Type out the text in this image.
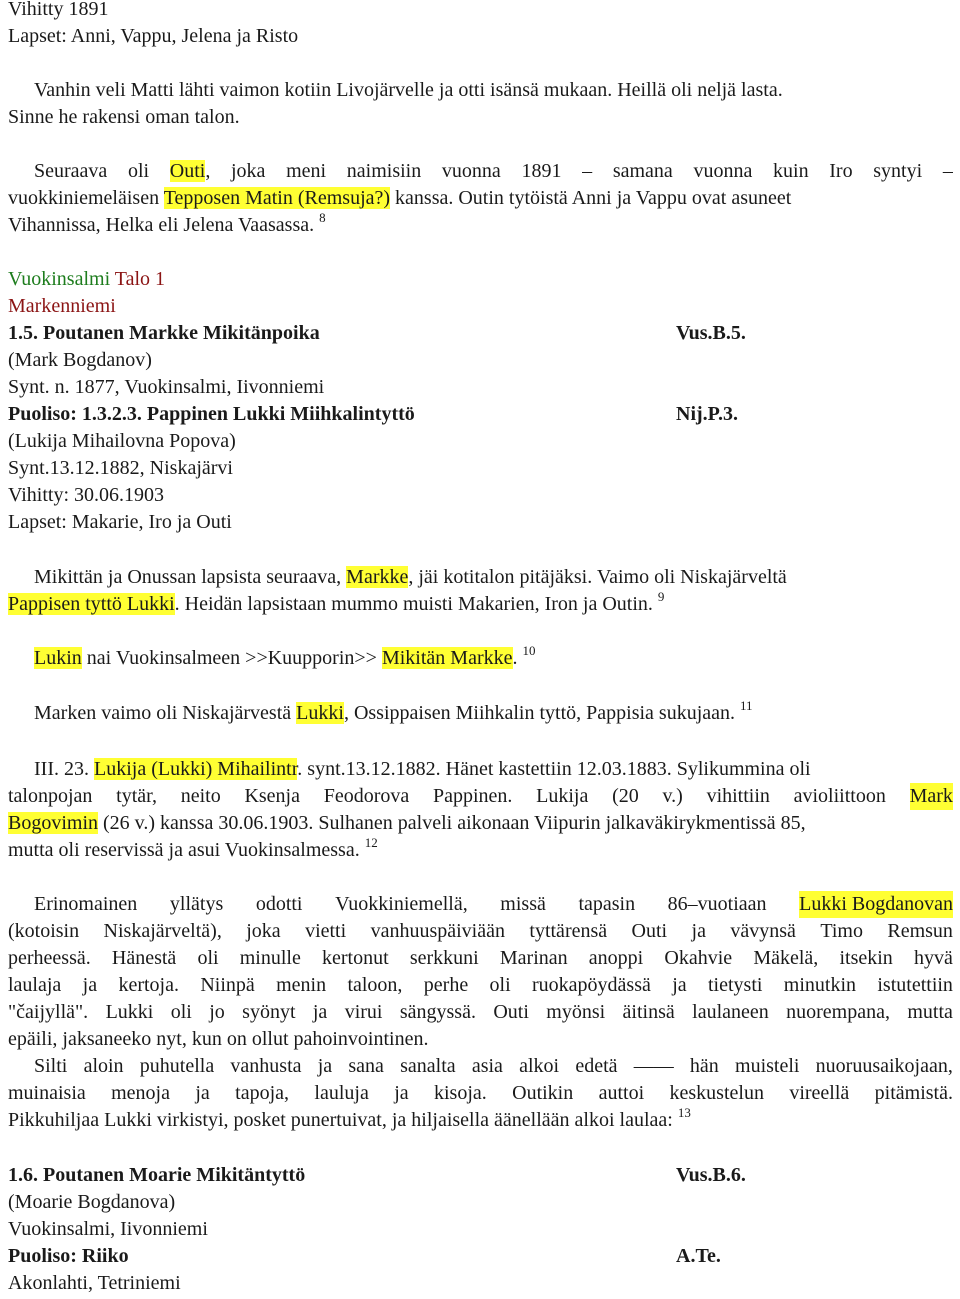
Vihitty 1891
Lapset: Anni, Vappu, Jelena ja Risto
Vanhin veli Matti lähti vaimon kotiin Livojärvelle ja otti isänsä mukaan. Heillä oli neljä lasta.
Sinne he rakensi oman talon.
Seuraava oli Outi, joka meni naimisiin vuonna 1891 – samana vuonna kuin Iro syntyi –
vuokkiniemeläisen Tepposen Matin (Remsuja?) kanssa. Outin tytöistä Anni ja Vappu ovat asuneet
Vihannissa, Helka eli Jelena Vaasassa. $^8$
Vuokinsalmi Talo 1
Markenniemi
1.5. Poutanen Markke Mikitänpoika	Vus.B.5.
(Mark Bogdanov)
Synt. n. 1877, Vuokinsalmi, Iivonniemi
Puoliso: 1.3.2.3. Pappinen Lukki Miihkalintyttö	Nij.P.3.
(Lukija Mihailovna Popova)
Synt.13.12.1882, Niskajärvi
Vihitty: 30.06.1903
Lapset: Makarie, Iro ja Outi
Mikittän ja Onussan lapsista seuraava, Markke, jäi kotitalon pitäjäksi. Vaimo oli Niskajärveltä
Pappisen tyttö Lukki. Heidän lapsistaan mummo muisti Makarien, Iron ja Outin. $^9$
Lukin nai Vuokinsalmeen >>Kuupporin>> Mikitän Markke. $^{10}$
Marken vaimo oli Niskajärvestä Lukki, Ossippaisen Miihkalin tyttö, Pappisia sukujaan. $^{11}$
III. 23. Lukija (Lukki) Mihailintr. synt.13.12.1882. Hänet kastettiin 12.03.1883. Sylikummina oli
talonpojan tytär, neito Ksenja Feodorova Pappinen. Lukija (20 v.) vihittiin avioliittoon Mark
Bogovimin (26 v.) kanssa 30.06.1903. Sulhanen palveli aikonaan Viipurin jalkaväkirykmentissä 85,
mutta oli reservissä ja asui Vuokinsalmessa. $^{12}$
Erinomainen yllätys odotti Vuokkiniemellä, missä tapasin 86–vuotiaan Lukki Bogdanovan
(kotoisin Niskajärveltä), joka vietti vanhuuspäiviään tyttärensä Outi ja vävynsä Timo Remsun
perheessä. Hänestä oli minulle kertonut serkkuni Marinan anoppi Okahvie Mäkelä, itsekin hyvä
laulaja ja kertoja. Niinpä menin taloon, perhe oli ruokapöydässä ja tietysti minutkin istutettiin
"čaijyllä". Lukki oli jo syönyt ja virui sängyssä. Outi myönsi äitinsä laulaneen nuorempana, mutta
epäili, jaksaneeko nyt, kun on ollut pahoinvointinen.
Silti aloin puhutella vanhusta ja sana sanalta asia alkoi edetä —— hän muisteli nuoruusaikojaan,
muinaisia menoja ja tapoja, lauluja ja kisoja. Outikin auttoi keskustelun vireellä pitämistä.
Pikkuhiljaa Lukki virkistyi, posket punertuivat, ja hiljaisella äänellään alkoi laulaa: $^{13}$
1.6. Poutanen Moarie Mikitäntyttö	Vus.B.6.
(Moarie Bogdanova)
Vuokinsalmi, Iivonniemi
Puoliso: Riiko	A.Te.
Akonlahti, Tetriniemi
